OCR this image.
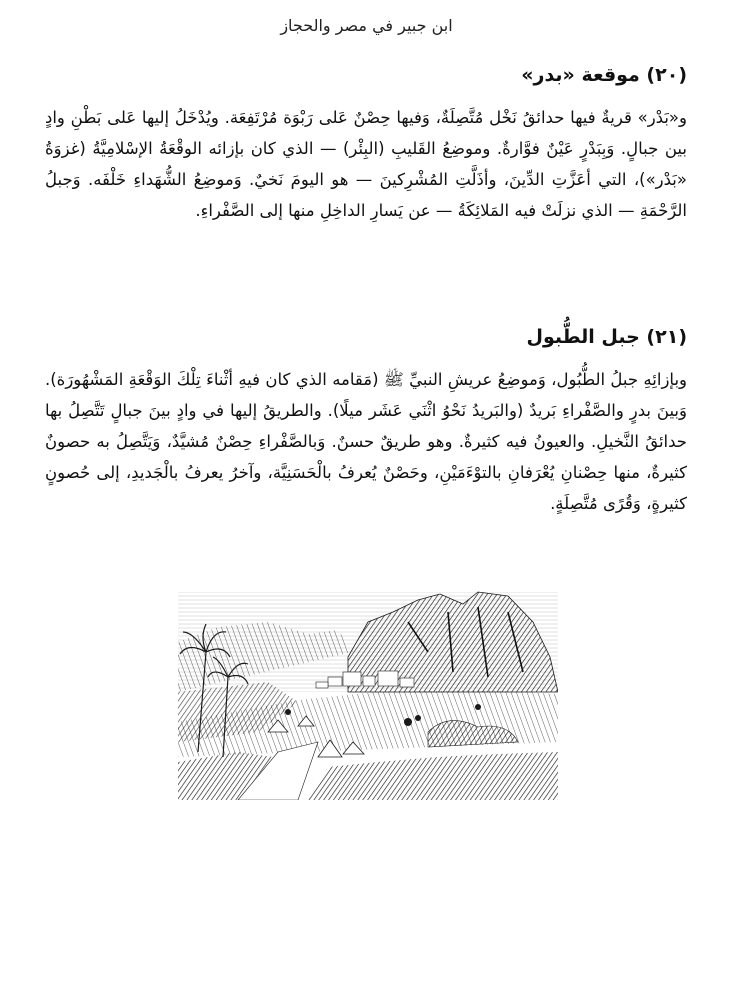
ابن جبير في مصر والحجاز
(٢٠) موقعة «بدر»

و«بَدْر» قريةٌ فيها حدائقُ نَخْل مُتَّصِلَةٌ، وَفيها حِصْنٌ عَلى رَبْوَة مُرْتَفِعَة. ويُدْخَلُ إليها عَلى بَطْنِ وادٍ بين جبالٍ. وَبِبَدْرٍ عَيْنٌ فوَّارةٌ. وموضِعُ القَليبِ (البِئْر) — الذي كان بإزائه الوقْعَةُ الإسْلامِيَّةُ (غزوَةُ «بَدْر»)، التي أعَزَّتِ الدِّينَ، وأذَلَّتِ المُشْرِكينَ — هو اليومَ نَخيٌ. وَموضِعُ الشُّهَداءِ خَلْفَه. وَجبلُ الرَّحْمَةِ — الذي نزلَتْ فيه المَلائِكَةُ — عن يَسارِ الداخِلِ منها إلى الصَّفْراءِ.

(٢١) جبل الطُّبول

وبإزائِهِ جبلُ الطُّبُول، وَموضِعُ عريشِ النبيِّ ﷺ (مَقامه الذي كان فيهِ أثْناءَ تِلْكَ الوَقْعَةِ المَشْهُورَة). وَبينَ بدرٍ والصَّفْراءِ بَريدٌ (والبَريدُ نَحْوُ اثْنَي عَشَر ميلًا). والطريقُ إليها في وادٍ بينَ جبالٍ تَتَّصِلُ بها حدائقُ النَّخيلِ. والعيونُ فيه كثيرةٌ. وهو طريقٌ حسنٌ. وَبالصَّفْراءِ حِصْنٌ مُشيَّدٌ، وَيَتَّصِلُ به حصونٌ كثيرةٌ، منها حِصْنانِ يُعْرَفانِ بالتوْءَمَيْنِ، وحَصْنٌ يُعرفُ بالْحَسَنِيَّة، وآخرُ يعرفُ بالْجَديدِ، إلى حُصونٍ كثيرةٍ، وَقُرًى مُتَّصِلَةٍ.
